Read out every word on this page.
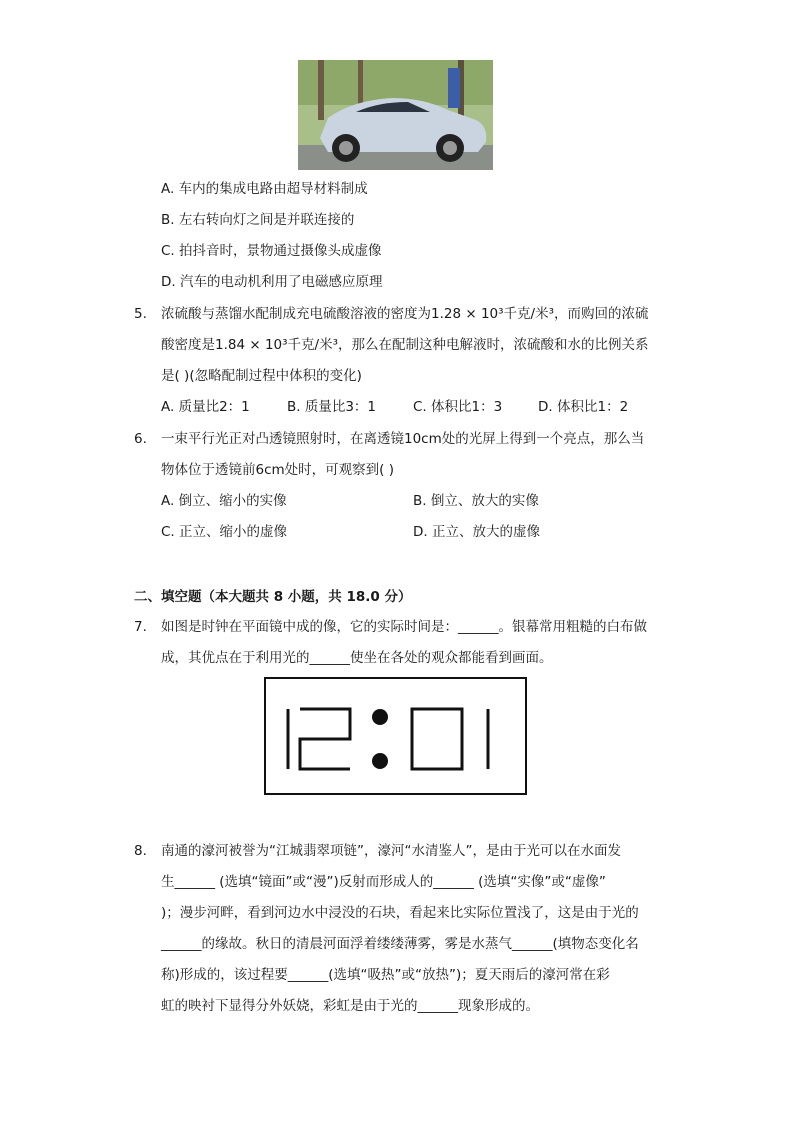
A. 车内的集成电路由超导材料制成
B. 左右转向灯之间是并联连接的
C. 拍抖音时，景物通过摄像头成虚像
D. 汽车的电动机利用了电磁感应原理
5. 浓硫酸与蒸馏水配制成充电硫酸溶液的密度为1.28 × 10³千克/米³，而购回的浓硫
酸密度是1.84 × 10³千克/米³，那么在配制这种电解液时，浓硫酸和水的比例关系
是( )(忽略配制过程中体积的变化)
A. 质量比2：1	B. 质量比3：1	C. 体积比1：3	D. 体积比1：2
6. 一束平行光正对凸透镜照射时，在离透镜10cm处的光屏上得到一个亮点，那么当
物体位于透镜前6cm处时，可观察到( )
A. 倒立、缩小的实像	B. 倒立、放大的实像
C. 正立、缩小的虚像	D. 正立、放大的虚像
二、填空题（本大题共 8 小题，共 18.0 分）
7. 如图是时钟在平面镜中成的像，它的实际时间是：______。银幕常用粗糙的白布做
成，其优点在于利用光的______使坐在各处的观众都能看到画面。
8. 南通的濠河被誉为“江城翡翠项链”，濠河“水清鉴人”，是由于光可以在水面发
生______ (选填“镜面”或“漫”)反射而形成人的______ (选填“实像”或“虚像”
)；漫步河畔，看到河边水中浸没的石块，看起来比实际位置浅了，这是由于光的
______的缘故。秋日的清晨河面浮着缕缕薄雾，雾是水蒸气______(填物态变化名
称)形成的，该过程要______(选填“吸热”或“放热”)；夏天雨后的濠河常在彩
虹的映衬下显得分外妖娆，彩虹是由于光的______现象形成的。
